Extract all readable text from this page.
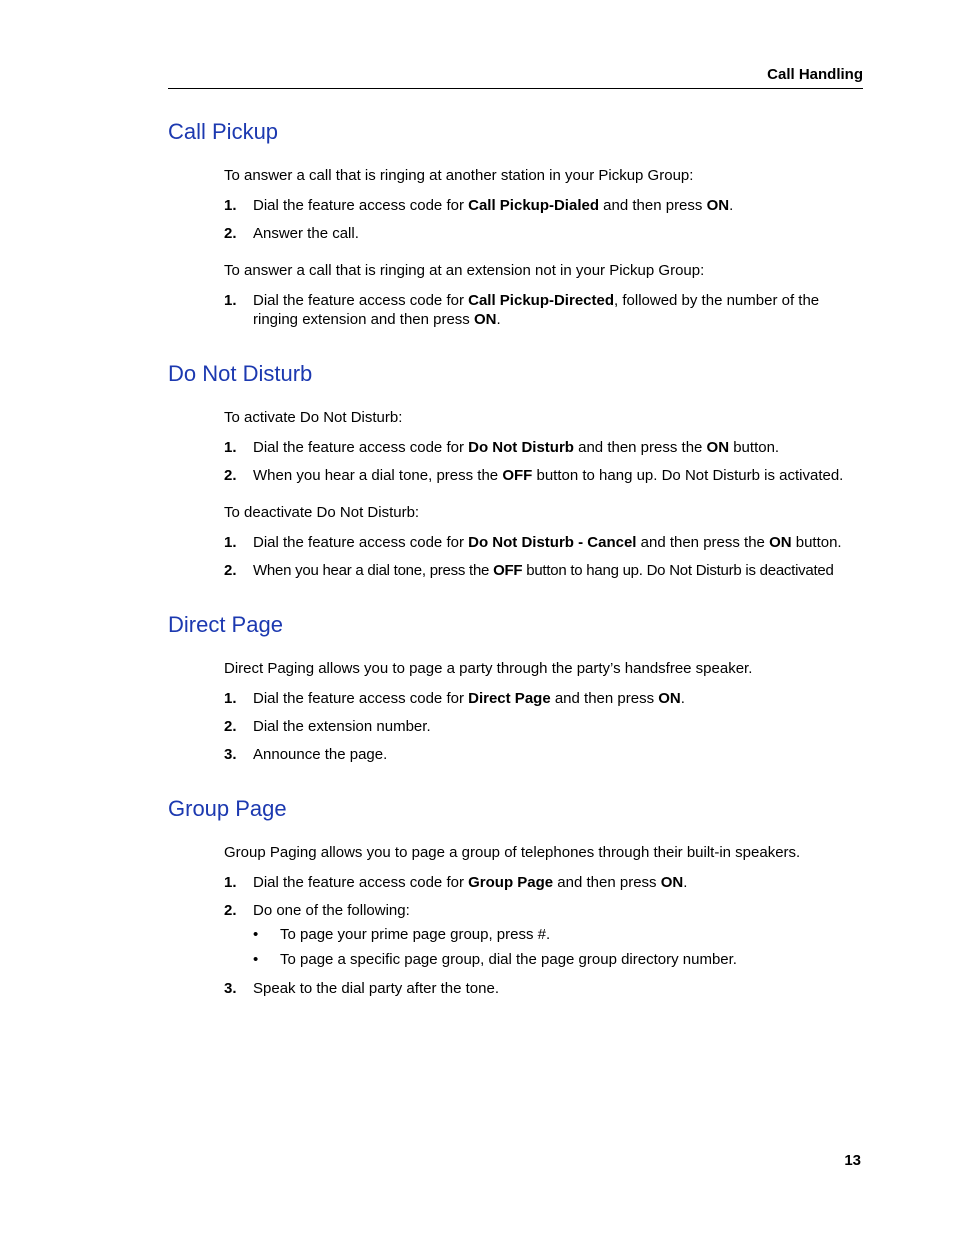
Call Handling
Call Pickup

To answer a call that is ringing at another station in your Pickup Group:

1. Dial the feature access code for Call Pickup-Dialed and then press ON.
2. Answer the call.

To answer a call that is ringing at an extension not in your Pickup Group:

1. Dial the feature access code for Call Pickup-Directed, followed by the number of the ringing extension and then press ON.
Do Not Disturb

To activate Do Not Disturb:

1. Dial the feature access code for Do Not Disturb and then press the ON button.
2. When you hear a dial tone, press the OFF button to hang up. Do Not Disturb is activated.

To deactivate Do Not Disturb:

1. Dial the feature access code for Do Not Disturb - Cancel and then press the ON button.
2. When you hear a dial tone, press the OFF button to hang up. Do Not Disturb is deactivated
Direct Page

Direct Paging allows you to page a party through the party’s handsfree speaker.

1. Dial the feature access code for Direct Page and then press ON.
2. Dial the extension number.
3. Announce the page.
Group Page

Group Paging allows you to page a group of telephones through their built-in speakers.

1. Dial the feature access code for Group Page and then press ON.
2. Do one of the following:
• To page your prime page group, press #.
• To page a specific page group, dial the page group directory number.
3. Speak to the dial party after the tone.
13
